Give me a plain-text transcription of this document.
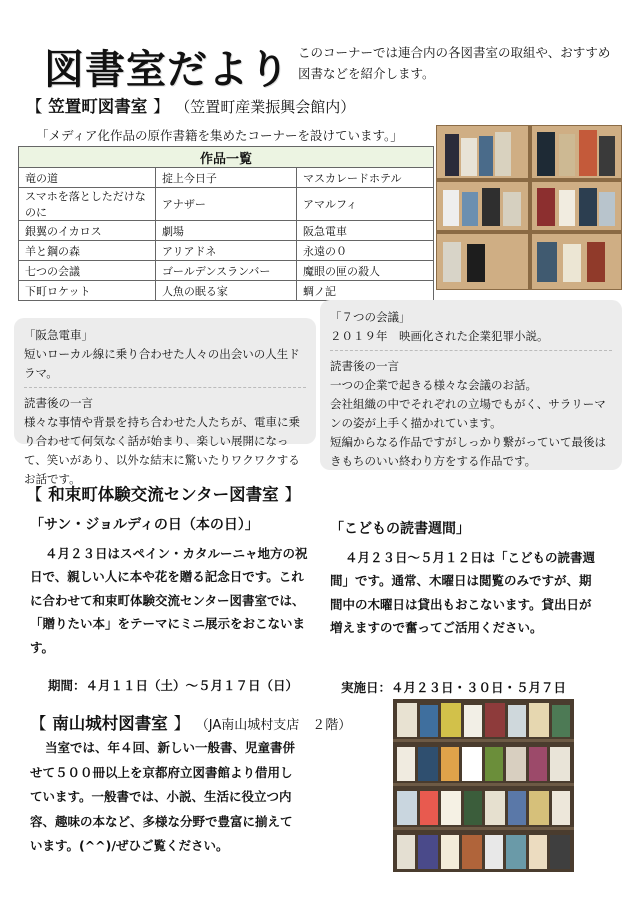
図書室だより このコーナーでは連合内の各図書室の取組や、おすすめ図書などを紹介します。
【 笠置町図書室 】 （笠置町産業振興会館内）
「メディア化作品の原作書籍を集めたコーナーを設けています。」
作品一覧		
竜の道	掟上今日子	マスカレードホテル
スマホを落としただけなのに	アナザー	アマルフィ
銀翼のイカロス	劇場	阪急電車
羊と鋼の森	アリアドネ	永遠の０
七つの会議	ゴールデンスランバー	魔眼の匣の殺人
下町ロケット	人魚の眠る家	蜩ノ記
「阪急電車」
短いローカル線に乗り合わせた人々の出会いの人生ドラマ。
読書後の一言
様々な事情や背景を持ち合わせた人たちが、電車に乗り合わせて何気なく話が始まり、楽しい展開になって、笑いがあり、以外な結末に驚いたりワクワクするお話です。
「７つの会議」
２０１９年　映画化された企業犯罪小説。
読書後の一言
一つの企業で起きる様々な会議のお話。
会社組織の中でそれぞれの立場でもがく、サラリーマンの姿が上手く描かれています。
短編からなる作品ですがしっかり繋がっていて最後はきもちのいい終わり方をする作品です。
【 和束町体験交流センター図書室 】
「サン・ジョルディの日（本の日）」
４月２３日はスペイン・カタルーニャ地方の祝日で、親しい人に本や花を贈る記念日です。これに合わせて和束町体験交流センター図書室では、「贈りたい本」をテーマにミニ展示をおこないます。
期間：４月１１日（土）～５月１７日（日）
「こどもの読書週間」
４月２３日～５月１２日は「こどもの読書週間」です。通常、木曜日は閲覧のみですが、期間中の木曜日は貸出もおこないます。貸出日が増えますので奮ってご活用ください。
実施日：４月２３日・３０日・５月７日
【 南山城村図書室 】 （JA南山城村支店　２階）
当室では、年４回、新しい一般書、児童書併せて５００冊以上を京都府立図書館より借用しています。一般書では、小説、生活に役立つ内容、趣味の本など、多様な分野で豊富に揃えています。(^^)/ぜひご覧ください。
